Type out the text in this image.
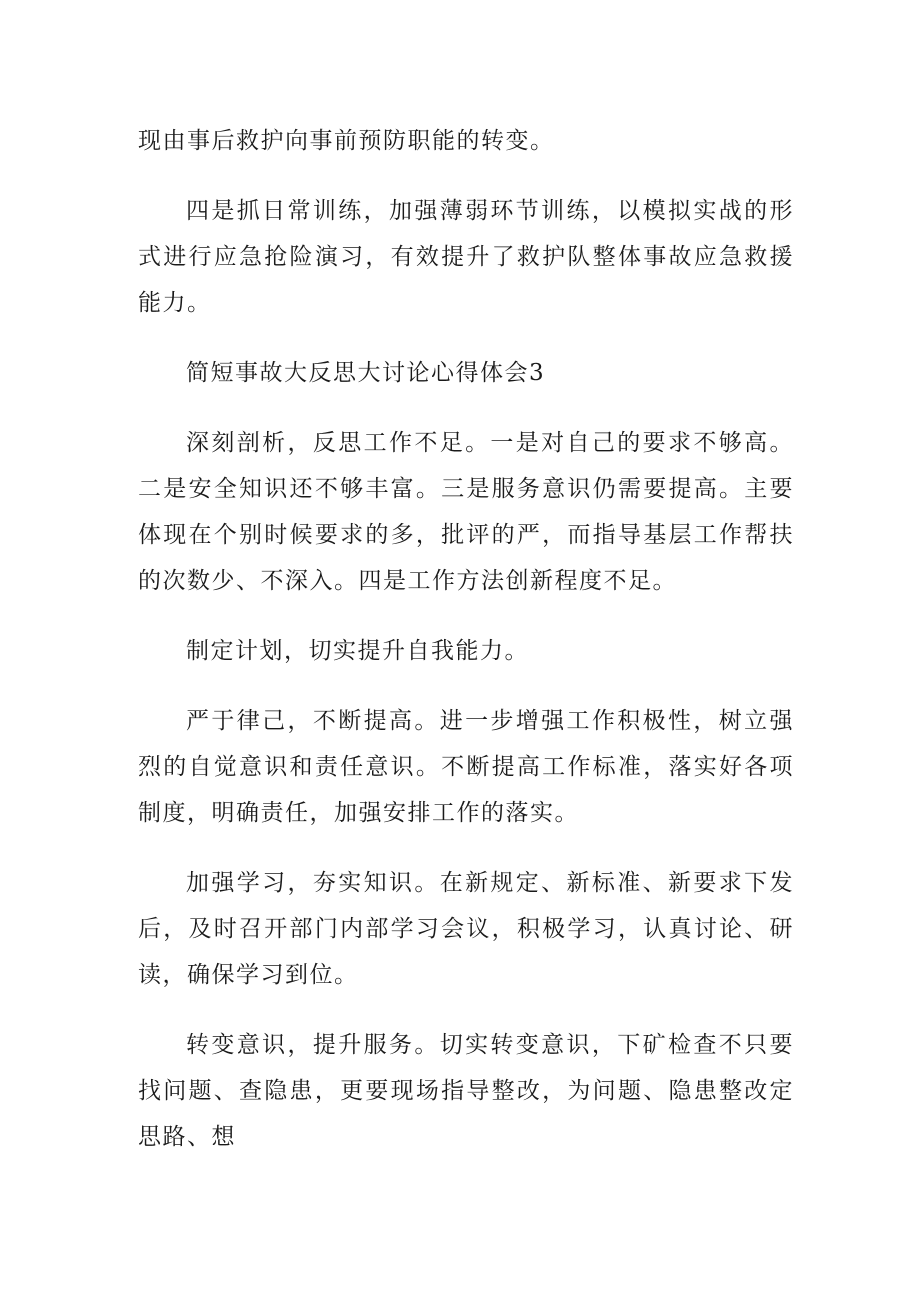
现由事后救护向事前预防职能的转变。

四是抓日常训练，加强薄弱环节训练，以模拟实战的形式进行应急抢险演习，有效提升了救护队整体事故应急救援能力。

简短事故大反思大讨论心得体会3

深刻剖析，反思工作不足。一是对自己的要求不够高。二是安全知识还不够丰富。三是服务意识仍需要提高。主要体现在个别时候要求的多，批评的严，而指导基层工作帮扶的次数少、不深入。四是工作方法创新程度不足。

制定计划，切实提升自我能力。

严于律己，不断提高。进一步增强工作积极性，树立强烈的自觉意识和责任意识。不断提高工作标准，落实好各项制度，明确责任，加强安排工作的落实。

加强学习，夯实知识。在新规定、新标准、新要求下发后，及时召开部门内部学习会议，积极学习，认真讨论、研读，确保学习到位。

转变意识，提升服务。切实转变意识，下矿检查不只要找问题、查隐患，更要现场指导整改，为问题、隐患整改定思路、想
